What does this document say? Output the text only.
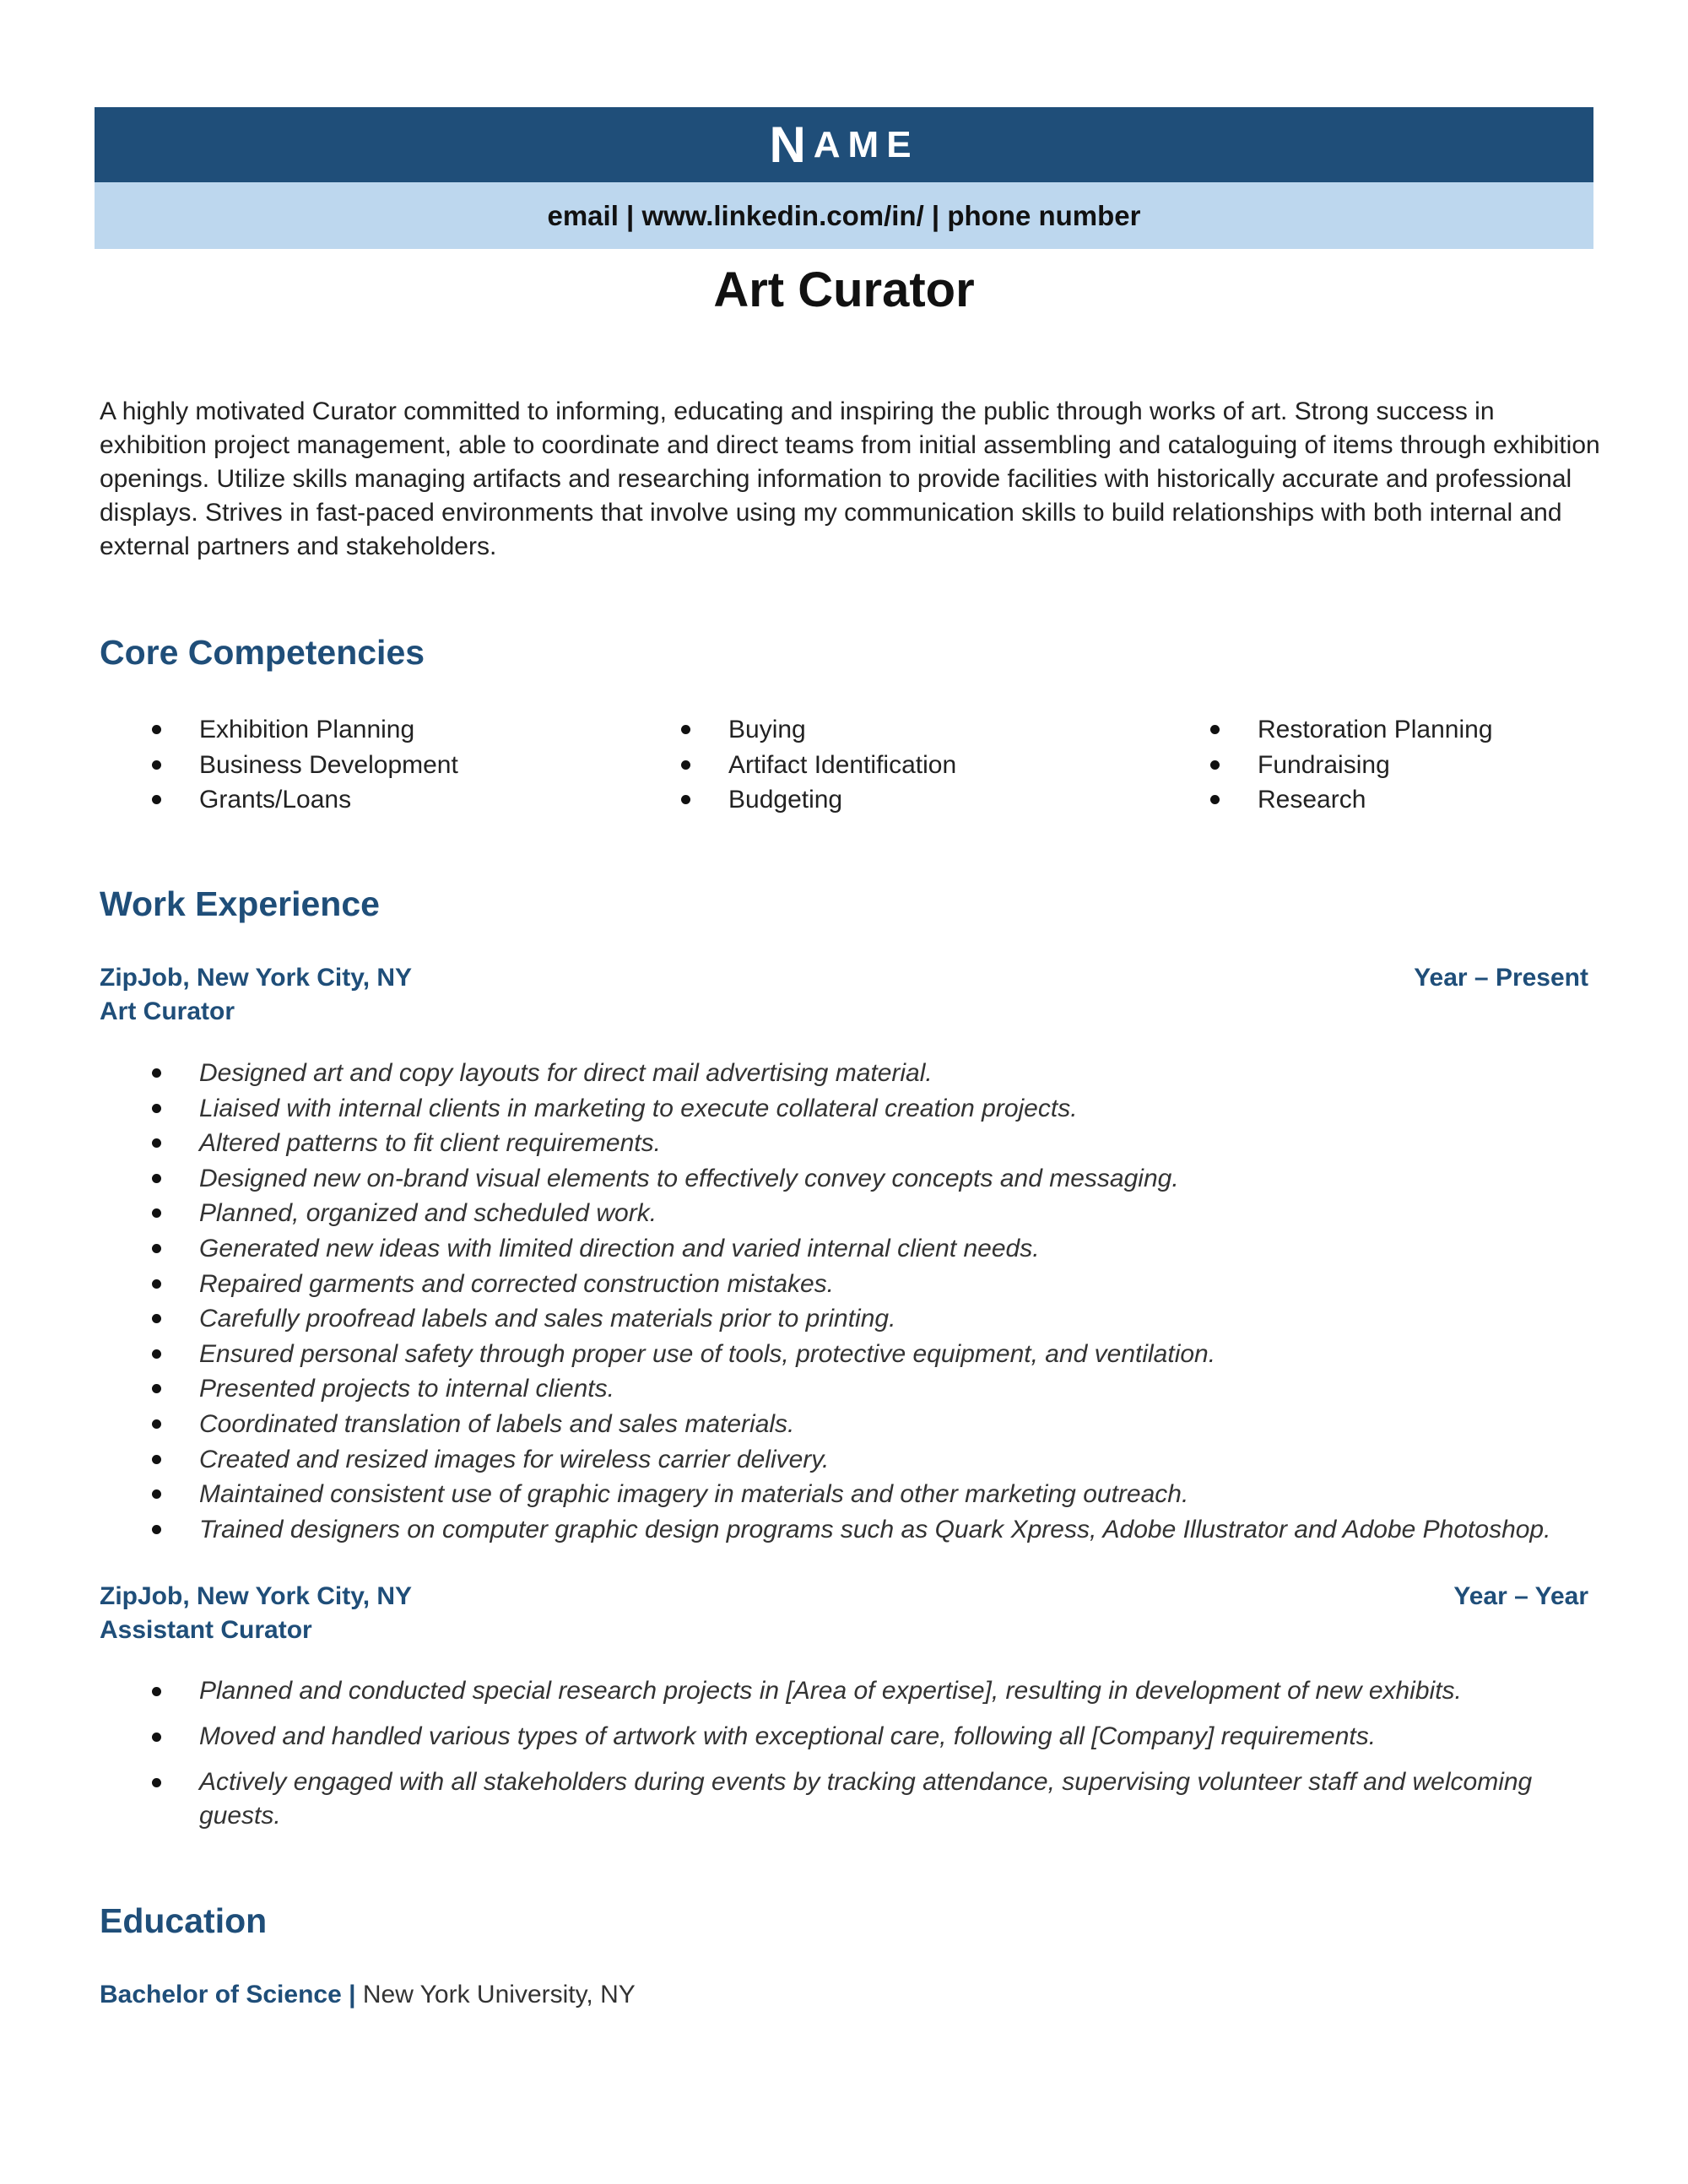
N AME
email | www.linkedin.com/in/ | phone number
Art Curator
A highly motivated Curator committed to informing, educating and inspiring the public through works of art. Strong success in exhibition project management, able to coordinate and direct teams from initial assembling and cataloguing of items through exhibition openings. Utilize skills managing artifacts and researching information to provide facilities with historically accurate and professional displays. Strives in fast-paced environments that involve using my communication skills to build relationships with both internal and external partners and stakeholders.
Core Competencies
Exhibition Planning
Business Development
Grants/Loans
Buying
Artifact Identification
Budgeting
Restoration Planning
Fundraising
Research
Work Experience
ZipJob, New York City, NY	Year – Present
Art Curator
Designed art and copy layouts for direct mail advertising material.
Liaised with internal clients in marketing to execute collateral creation projects.
Altered patterns to fit client requirements.
Designed new on-brand visual elements to effectively convey concepts and messaging.
Planned, organized and scheduled work.
Generated new ideas with limited direction and varied internal client needs.
Repaired garments and corrected construction mistakes.
Carefully proofread labels and sales materials prior to printing.
Ensured personal safety through proper use of tools, protective equipment, and ventilation.
Presented projects to internal clients.
Coordinated translation of labels and sales materials.
Created and resized images for wireless carrier delivery.
Maintained consistent use of graphic imagery in materials and other marketing outreach.
Trained designers on computer graphic design programs such as Quark Xpress, Adobe Illustrator and Adobe Photoshop.
ZipJob, New York City, NY	Year – Year
Assistant Curator
Planned and conducted special research projects in [Area of expertise], resulting in development of new exhibits.
Moved and handled various types of artwork with exceptional care, following all [Company] requirements.
Actively engaged with all stakeholders during events by tracking attendance, supervising volunteer staff and welcoming guests.
Education
Bachelor of Science | New York University, NY
